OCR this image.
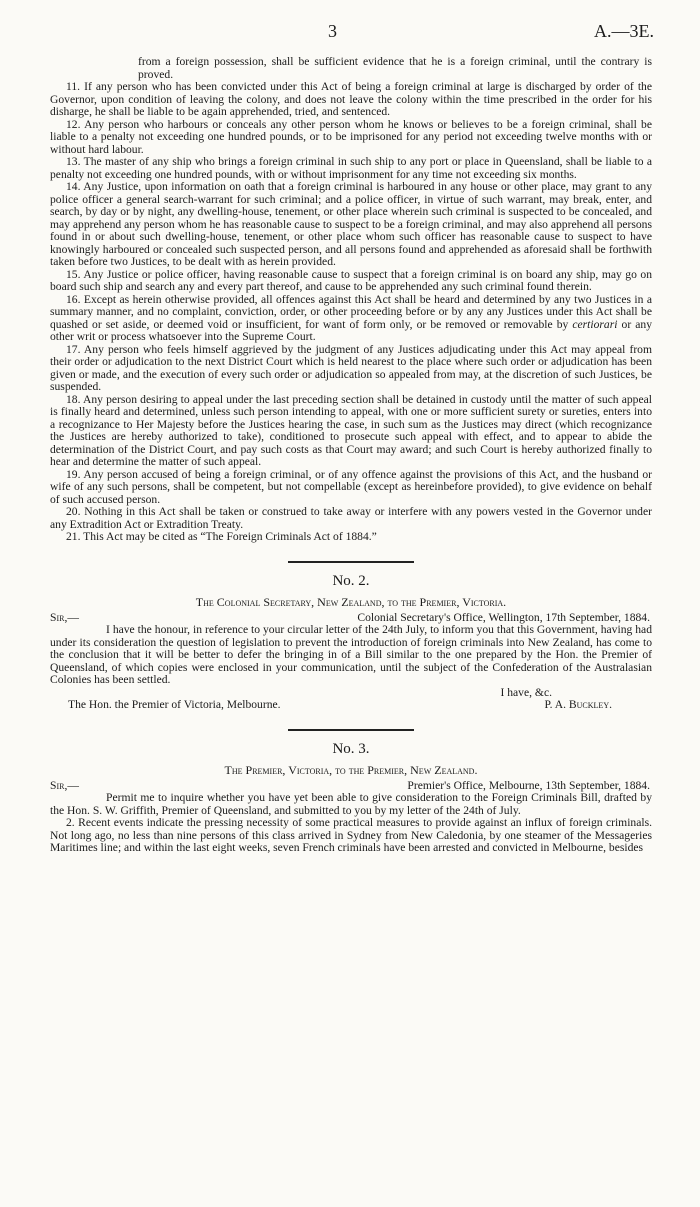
3	A.—3E.

from a foreign possession, shall be sufficient evidence that he is a foreign criminal, until the contrary is proved.

11. If any person who has been convicted under this Act of being a foreign criminal at large is discharged by order of the Governor, upon condition of leaving the colony, and does not leave the colony within the time prescribed in the order for his disharge, he shall be liable to be again apprehended, tried, and sentenced.

12. Any person who harbours or conceals any other person whom he knows or believes to be a foreign criminal, shall be liable to a penalty not exceeding one hundred pounds, or to be imprisoned for any period not exceeding twelve months with or without hard labour.

13. The master of any ship who brings a foreign criminal in such ship to any port or place in Queensland, shall be liable to a penalty not exceeding one hundred pounds, with or without imprisonment for any time not exceeding six months.

14. Any Justice, upon information on oath that a foreign criminal is harboured in any house or other place, may grant to any police officer a general search-warrant for such criminal; and a police officer, in virtue of such warrant, may break, enter, and search, by day or by night, any dwelling-house, tenement, or other place wherein such criminal is suspected to be concealed, and may apprehend any person whom he has reasonable cause to suspect to be a foreign criminal, and may also apprehend all persons found in or about such dwelling-house, tenement, or other place whom such officer has reasonable cause to suspect to have knowingly harboured or concealed such suspected person, and all persons found and apprehended as aforesaid shall be forthwith taken before two Justices, to be dealt with as herein provided.

15. Any Justice or police officer, having reasonable cause to suspect that a foreign criminal is on board any ship, may go on board such ship and search any and every part thereof, and cause to be apprehended any such criminal found therein.

16. Except as herein otherwise provided, all offences against this Act shall be heard and determined by any two Justices in a summary manner, and no complaint, conviction, order, or other proceeding before or by any any Justices under this Act shall be quashed or set aside, or deemed void or insufficient, for want of form only, or be removed or removable by certiorari or any other writ or process whatsoever into the Supreme Court.

17. Any person who feels himself aggrieved by the judgment of any Justices adjudicating under this Act may appeal from their order or adjudication to the next District Court which is held nearest to the place where such order or adjudication has been given or made, and the execution of every such order or adjudication so appealed from may, at the discretion of such Justices, be suspended.

18. Any person desiring to appeal under the last preceding section shall be detained in custody until the matter of such appeal is finally heard and determined, unless such person intending to appeal, with one or more sufficient surety or sureties, enters into a recognizance to Her Majesty before the Justices hearing the case, in such sum as the Justices may direct (which recognizance the Justices are hereby authorized to take), conditioned to prosecute such appeal with effect, and to appear to abide the determination of the District Court, and pay such costs as that Court may award; and such Court is hereby authorized finally to hear and determine the matter of such appeal.

19. Any person accused of being a foreign criminal, or of any offence against the provisions of this Act, and the husband or wife of any such persons, shall be competent, but not compellable (except as hereinbefore provided), to give evidence on behalf of such accused person.

20. Nothing in this Act shall be taken or construed to take away or interfere with any powers vested in the Governor under any Extradition Act or Extradition Treaty.

21. This Act may be cited as “The Foreign Criminals Act of 1884.”

No. 2.
The Colonial Secretary, New Zealand, to the Premier, Victoria.
Sir,—	Colonial Secretary's Office, Wellington, 17th September, 1884.

I have the honour, in reference to your circular letter of the 24th July, to inform you that this Government, having had under its consideration the question of legislation to prevent the introduction of foreign criminals into New Zealand, has come to the conclusion that it will be better to defer the bringing in of a Bill similar to the one prepared by the Hon. the Premier of Queensland, of which copies were enclosed in your communication, until the subject of the Confederation of the Australasian Colonies has been settled.

I have, &c.
The Hon. the Premier of Victoria, Melbourne.	P. A. Buckley.
No. 3.
The Premier, Victoria, to the Premier, New Zealand.
Sir,—	Premier's Office, Melbourne, 13th September, 1884.

Permit me to inquire whether you have yet been able to give consideration to the Foreign Criminals Bill, drafted by the Hon. S. W. Griffith, Premier of Queensland, and submitted to you by my letter of the 24th of July.

2. Recent events indicate the pressing necessity of some practical measures to provide against an influx of foreign criminals. Not long ago, no less than nine persons of this class arrived in Sydney from New Caledonia, by one steamer of the Messageries Maritimes line; and within the last eight weeks, seven French criminals have been arrested and convicted in Melbourne, besides
